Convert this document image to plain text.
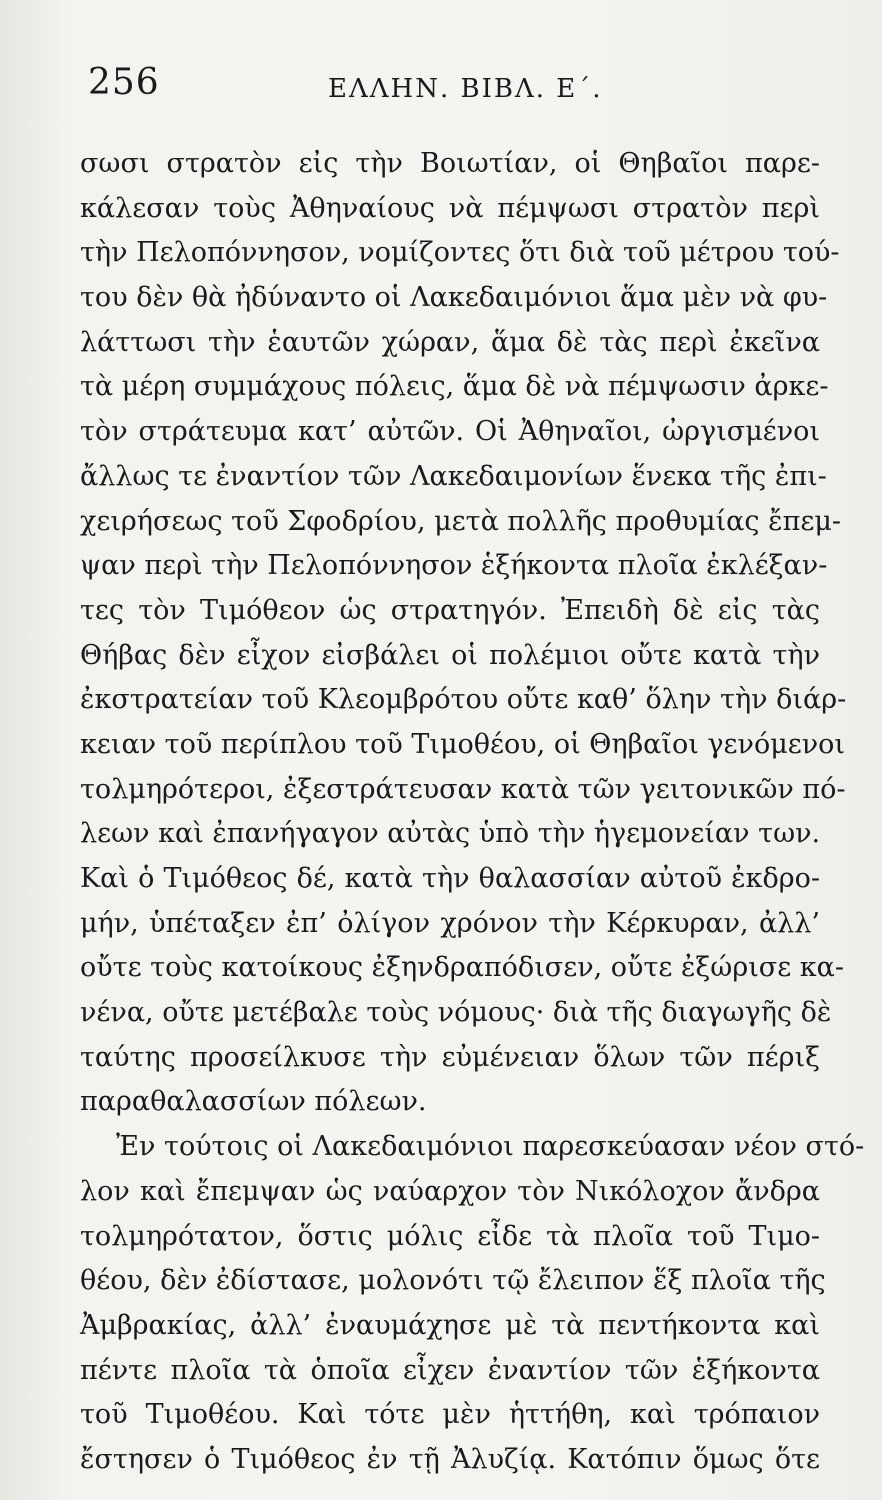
256	ΕΛΛΗΝ. ΒΙΒΛ. Ε΄.
σωσι στρατὸν εἰς τὴν Βοιωτίαν, οἱ Θηβαῖοι παρε-
κάλεσαν τοὺς Ἀθηναίους νὰ πέμψωσι στρατὸν περὶ
τὴν Πελοπόννησον, νομίζοντες ὅτι διὰ τοῦ μέτρου τού-
του δὲν θὰ ἠδύναντο οἱ Λακεδαιμόνιοι ἅμα μὲν νὰ φυ-
λάττωσι τὴν ἑαυτῶν χώραν, ἅμα δὲ τὰς περὶ ἐκεῖνα
τὰ μέρη συμμάχους πόλεις, ἅμα δὲ νὰ πέμψωσιν ἀρκε-
τὸν στράτευμα κατ’ αὐτῶν. Οἱ Ἀθηναῖοι, ὠργισμένοι
ἄλλως τε ἐναντίον τῶν Λακεδαιμονίων ἕνεκα τῆς ἐπι-
χειρήσεως τοῦ Σφοδρίου, μετὰ πολλῆς προθυμίας ἔπεμ-
ψαν περὶ τὴν Πελοπόννησον ἑξήκοντα πλοῖα ἐκλέξαν-
τες τὸν Τιμόθεον ὡς στρατηγόν. Ἐπειδὴ δὲ εἰς τὰς
Θήβας δὲν εἶχον εἰσβάλει οἱ πολέμιοι οὔτε κατὰ τὴν
ἐκστρατείαν τοῦ Κλεομβρότου οὔτε καθ’ ὅλην τὴν διάρ-
κειαν τοῦ περίπλου τοῦ Τιμοθέου, οἱ Θηβαῖοι γενόμενοι
τολμηρότεροι, ἐξεστράτευσαν κατὰ τῶν γειτονικῶν πό-
λεων καὶ ἐπανήγαγον αὐτὰς ὑπὸ τὴν ἡγεμονείαν των.
Καὶ ὁ Τιμόθεος δέ, κατὰ τὴν θαλασσίαν αὐτοῦ ἐκδρο-
μήν, ὑπέταξεν ἐπ’ ὀλίγον χρόνον τὴν Κέρκυραν, ἀλλ’
οὔτε τοὺς κατοίκους ἐξηνδραπόδισεν, οὔτε ἐξώρισε κα-
νένα, οὔτε μετέβαλε τοὺς νόμους· διὰ τῆς διαγωγῆς δὲ
ταύτης προσείλκυσε τὴν εὐμένειαν ὅλων τῶν πέριξ
παραθαλασσίων πόλεων.
Ἐν τούτοις οἱ Λακεδαιμόνιοι παρεσκεύασαν νέον στό-
λον καὶ ἔπεμψαν ὡς ναύαρχον τὸν Νικόλοχον ἄνδρα
τολμηρότατον, ὅστις μόλις εἶδε τὰ πλοῖα τοῦ Τιμο-
θέου, δὲν ἐδίστασε, μολονότι τῷ ἔλειπον ἕξ πλοῖα τῆς
Ἀμβρακίας, ἀλλ’ ἐναυμάχησε μὲ τὰ πεντήκοντα καὶ
πέντε πλοῖα τὰ ὁποῖα εἶχεν ἐναντίον τῶν ἑξήκοντα
τοῦ Τιμοθέου. Καὶ τότε μὲν ἡττήθη, καὶ τρόπαιον
ἔστησεν ὁ Τιμόθεος ἐν τῇ Ἀλυζίᾳ. Κατόπιν ὅμως ὅτε
